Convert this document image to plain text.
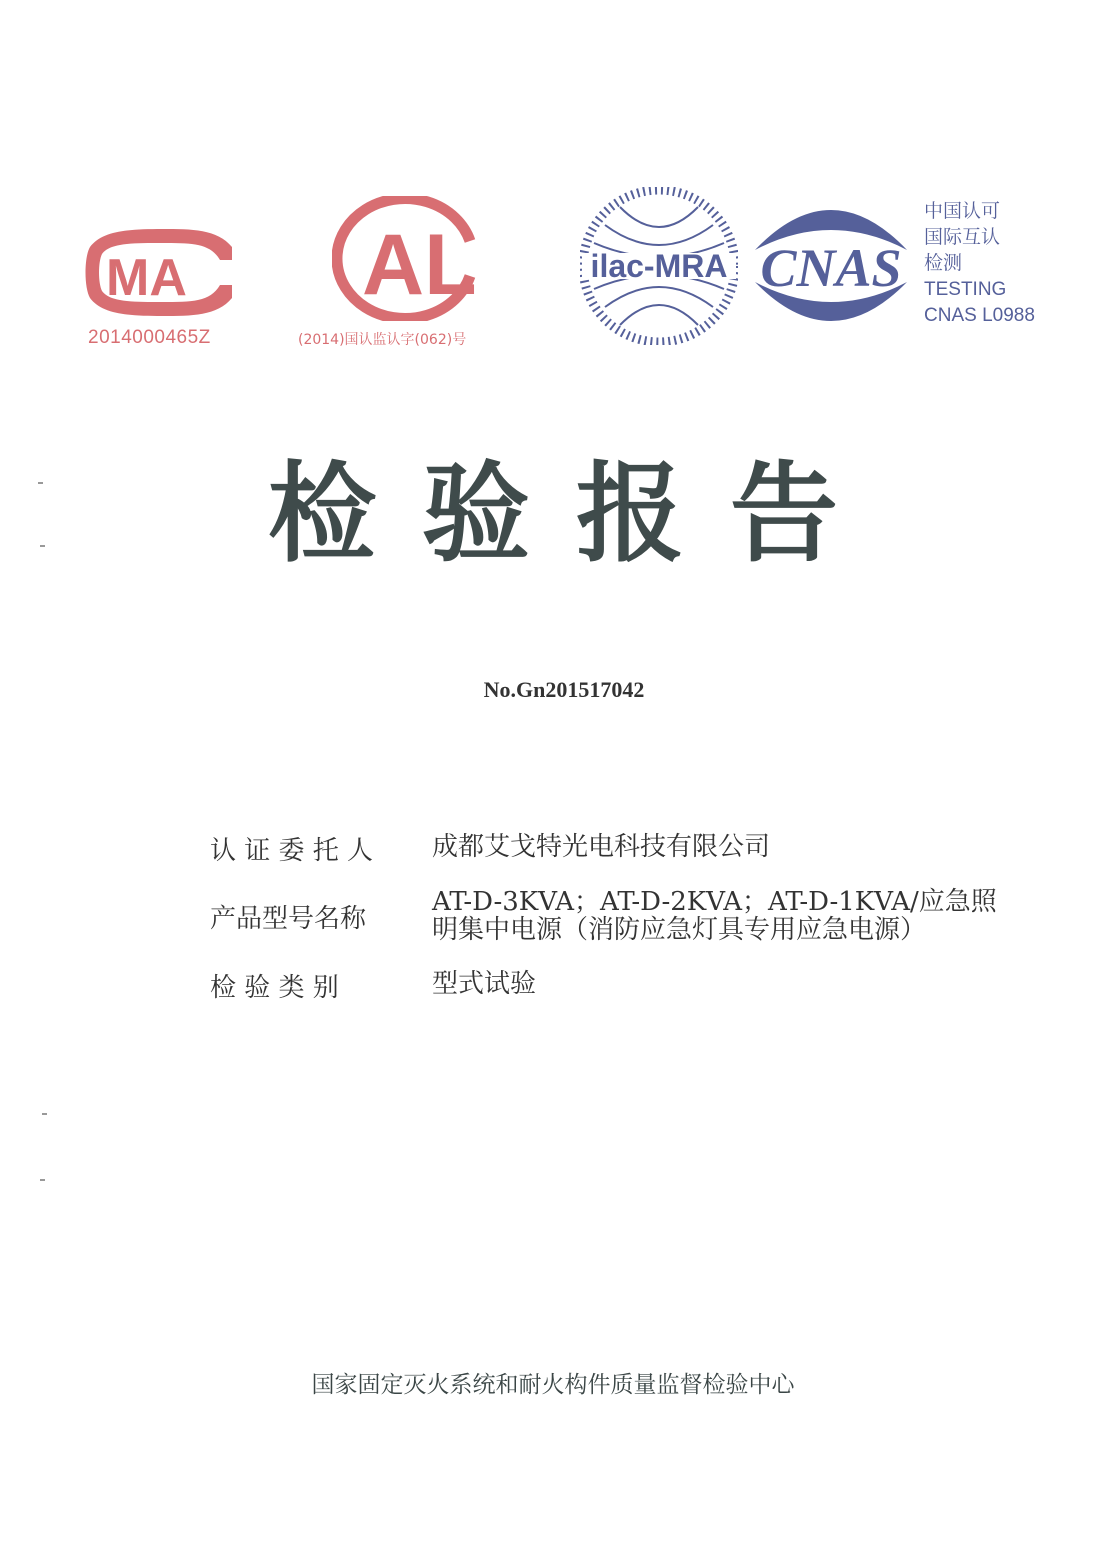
MA
2014000465Z
AL
(2014)国认监认字(062)号
ilac-MRA CNAS
中国认可
国际互认
检测
TESTING
CNAS L0988
检验报告
No.Gn201517042
认 证 委 托 人 成都艾戈特光电科技有限公司
产品型号名称
AT-D-3KVA；AT-D-2KVA；AT-D-1KVA/应急照
明集中电源（消防应急灯具专用应急电源）
检 验 类 别	型式试验
国家固定灭火系统和耐火构件质量监督检验中心
